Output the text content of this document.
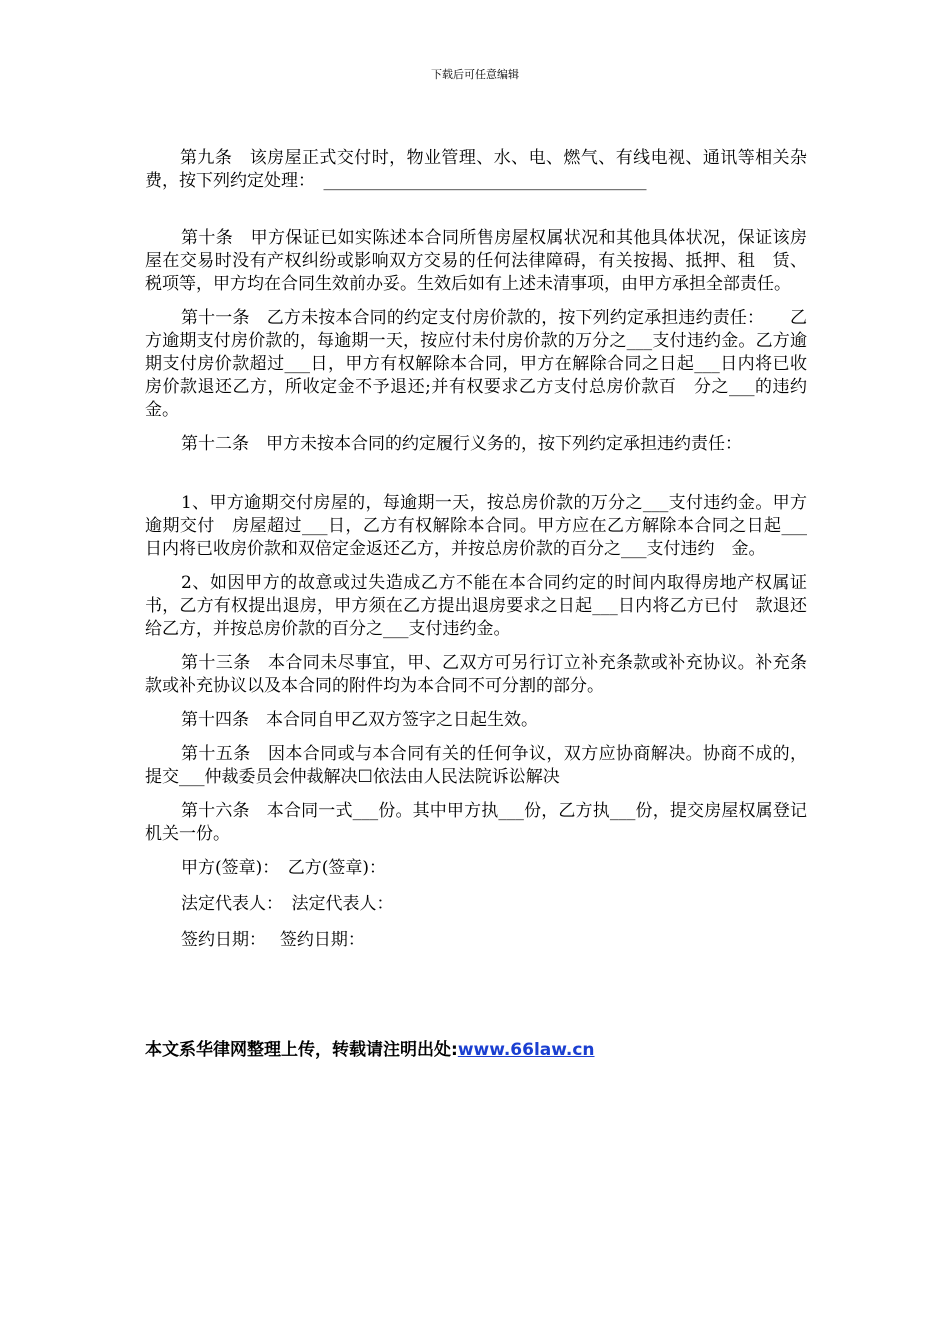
下载后可任意编辑

第九条　该房屋正式交付时，物业管理、水、电、燃气、有线电视、通讯等相关杂费，按下列约定处理：　______________________________________

第十条　甲方保证已如实陈述本合同所售房屋权属状况和其他具体状况，保证该房屋在交易时没有产权纠纷或影响双方交易的任何法律障碍，有关按揭、抵押、租　赁、税项等，甲方均在合同生效前办妥。生效后如有上述未清事项，由甲方承担全部责任。

第十一条　乙方未按本合同的约定支付房价款的，按下列约定承担违约责任：　　乙方逾期支付房价款的，每逾期一天，按应付未付房价款的万分之___支付违约金。乙方逾　期支付房价款超过___日，甲方有权解除本合同，甲方在解除合同之日起___日内将已收房价款退还乙方，所收定金不予退还;并有权要求乙方支付总房价款百　分之___的违约金。

第十二条　甲方未按本合同的约定履行义务的，按下列约定承担违约责任：

1、甲方逾期交付房屋的，每逾期一天，按总房价款的万分之___支付违约金。甲方逾期交付　房屋超过___日，乙方有权解除本合同。甲方应在乙方解除本合同之日起___日内将已收房价款和双倍定金返还乙方，并按总房价款的百分之___支付违约　金。

2、如因甲方的故意或过失造成乙方不能在本合同约定的时间内取得房地产权属证书，乙方有权提出退房，甲方须在乙方提出退房要求之日起___日内将乙方已付　款退还给乙方，并按总房价款的百分之___支付违约金。

第十三条　本合同未尽事宜，甲、乙双方可另行订立补充条款或补充协议。补充条款或补充协议以及本合同的附件均为本合同不可分割的部分。

第十四条　本合同自甲乙双方签字之日起生效。

第十五条　因本合同或与本合同有关的任何争议，双方应协商解决。协商不成的，提交___仲裁委员会仲裁解决☐依法由人民法院诉讼解决

第十六条　本合同一式___份。其中甲方执___份，乙方执___份，提交房屋权属登记机关一份。

甲方(签章)：　乙方(签章)：
法定代表人：　法定代表人：
签约日期：　 签约日期：
本文系华律网整理上传，转载请注明出处:www.66law.cn
